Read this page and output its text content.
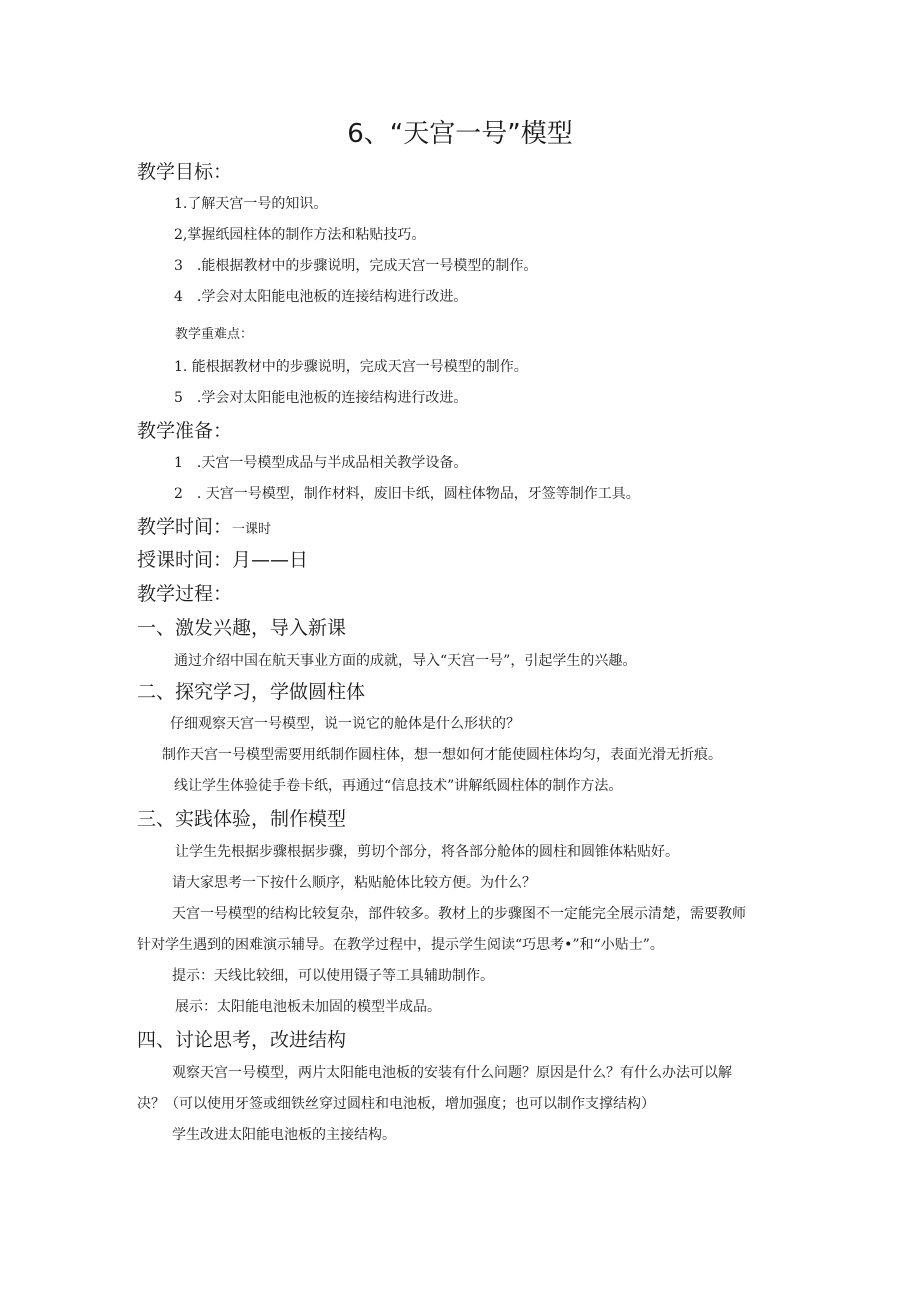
6、“天宫一号”模型
教学目标：
1.了解天宫一号的知识。
2,掌握纸园柱体的制作方法和粘贴技巧。
3　.能根据教材中的步骤说明，完成天宫一号模型的制作。
4　.学会对太阳能电池板的连接结构进行改进。
教学重难点：
1. 能根据教材中的步骤说明，完成天宫一号模型的制作。
5　.学会对太阳能电池板的连接结构进行改进。
教学准备：
1　.天宫一号模型成品与半成品相关教学设备。
2　. 天宫一号模型，制作材料，废旧卡纸，圆柱体物品，牙签等制作工具。
教学时间：一课时
授课时间：月——日
教学过程：
一、激发兴趣，导入新课
通过介绍中国在航天事业方面的成就，导入“天宫一号”，引起学生的兴趣。
二、探究学习，学做圆柱体
仔细观察天宫一号模型，说一说它的舱体是什么形状的？
制作天宫一号模型需要用纸制作圆柱体，想一想如何才能使圆柱体均匀，表面光滑无折痕。
线让学生体验徒手卷卡纸，再通过“信息技术”讲解纸圆柱体的制作方法。
三、实践体验，制作模型
让学生先根据步骤根据步骤，剪切个部分，将各部分舱体的圆柱和圆锥体粘贴好。
请大家思考一下按什么顺序，粘贴舱体比较方便。为什么？
天宫一号模型的结构比较复杂，部件较多。教材上的步骤图不一定能完全展示清楚，需要教师
针对学生遇到的困难演示辅导。在教学过程中，提示学生阅读“巧思考•”和“小贴士”。
提示：天线比较细，可以使用镊子等工具辅助制作。
展示：太阳能电池板未加固的模型半成品。
四、讨论思考，改进结构
观察天宫一号模型，两片太阳能电池板的安装有什么问题？原因是什么？有什么办法可以解
决？（可以使用牙签或细铁丝穿过圆柱和电池板，增加强度；也可以制作支撑结构）
学生改进太阳能电池板的主接结构。
